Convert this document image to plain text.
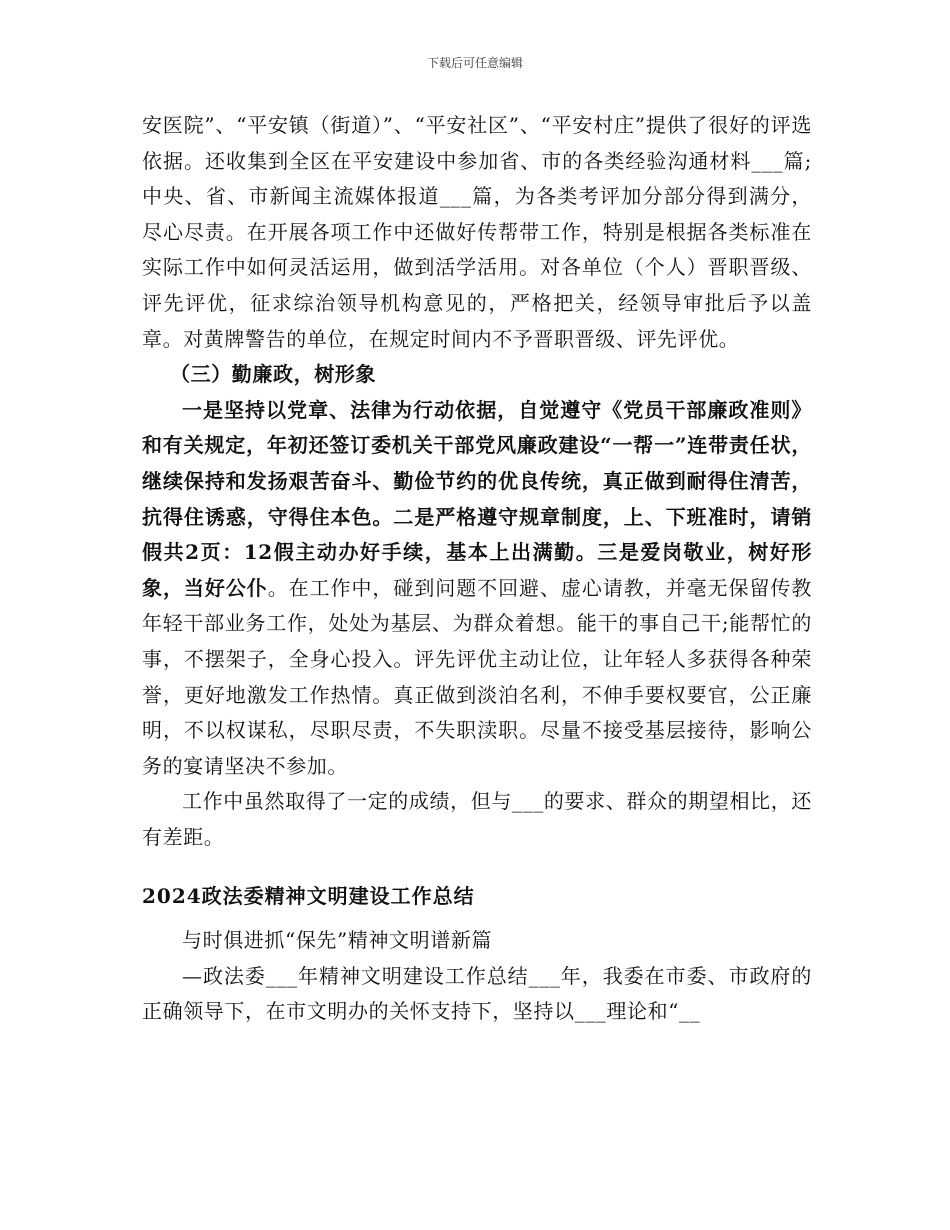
下载后可任意编辑

安医院”、“平安镇（街道）”、“平安社区”、“平安村庄”提供了很好的评选依据。还收集到全区在平安建设中参加省、市的各类经验沟通材料___篇;中央、省、市新闻主流媒体报道___篇，为各类考评加分部分得到满分，尽心尽责。在开展各项工作中还做好传帮带工作，特别是根据各类标准在实际工作中如何灵活运用，做到活学活用。对各单位（个人）晋职晋级、评先评优，征求综治领导机构意见的，严格把关，经领导审批后予以盖章。对黄牌警告的单位，在规定时间内不予晋职晋级、评先评优。

（三）勤廉政，树形象

一是坚持以党章、法律为行动依据，自觉遵守《党员干部廉政准则》和有关规定，年初还签订委机关干部党风廉政建设“一帮一”连带责任状，继续保持和发扬艰苦奋斗、勤俭节约的优良传统，真正做到耐得住清苦，抗得住诱惑，守得住本色。二是严格遵守规章制度，上、下班准时，请销假共2页：12假主动办好手续，基本上出满勤。三是爱岗敬业，树好形象，当好公仆。在工作中，碰到问题不回避、虚心请教，并毫无保留传教年轻干部业务工作，处处为基层、为群众着想。能干的事自己干;能帮忙的事，不摆架子，全身心投入。评先评优主动让位，让年轻人多获得各种荣誉，更好地激发工作热情。真正做到淡泊名利，不伸手要权要官，公正廉明，不以权谋私，尽职尽责，不失职渎职。尽量不接受基层接待，影响公务的宴请坚决不参加。

工作中虽然取得了一定的成绩，但与___的要求、群众的期望相比，还有差距。

2024政法委精神文明建设工作总结

与时俱进抓“保先”精神文明谱新篇

—政法委___年精神文明建设工作总结___年，我委在市委、市政府的正确领导下，在市文明办的关怀支持下，坚持以___理论和“__
